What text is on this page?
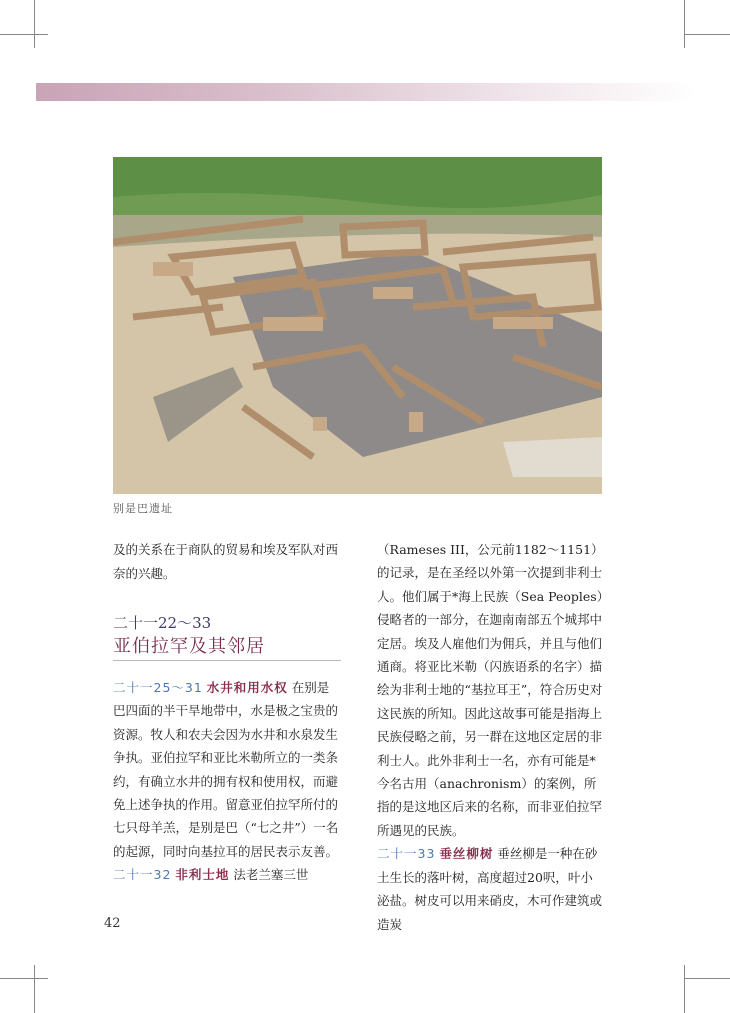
别是巴遗址
及的关系在于商队的贸易和埃及军队对西奈的兴趣。
二十一22～33
亚伯拉罕及其邻居

二十一25～31 水井和用水权 在别是巴四面的半干旱地带中，水是极之宝贵的资源。牧人和农夫会因为水井和水泉发生争执。亚伯拉罕和亚比米勒所立的一类条约，有确立水井的拥有权和使用权，而避免上述争执的作用。留意亚伯拉罕所付的七只母羊羔，是别是巴（“七之井”）一名的起源，同时向基拉耳的居民表示友善。

二十一32 非利士地 法老兰塞三世

（Rameses III，公元前1182～1151）的记录，是在圣经以外第一次提到非利士人。他们属于*海上民族（Sea Peoples）侵略者的一部分，在迦南南部五个城邦中定居。埃及人雇他们为佣兵，并且与他们通商。将亚比米勒（闪族语系的名字）描绘为非利士地的“基拉耳王”，符合历史对这民族的所知。因此这故事可能是指海上民族侵略之前，另一群在这地区定居的非利士人。此外非利士一名，亦有可能是*今名古用（anachronism）的案例，所指的是这地区后来的名称，而非亚伯拉罕所遇见的民族。

二十一33 垂丝柳树 垂丝柳是一种在砂土生长的落叶树，高度超过20呎，叶小泌盐。树皮可以用来硝皮，木可作建筑或造炭

42
